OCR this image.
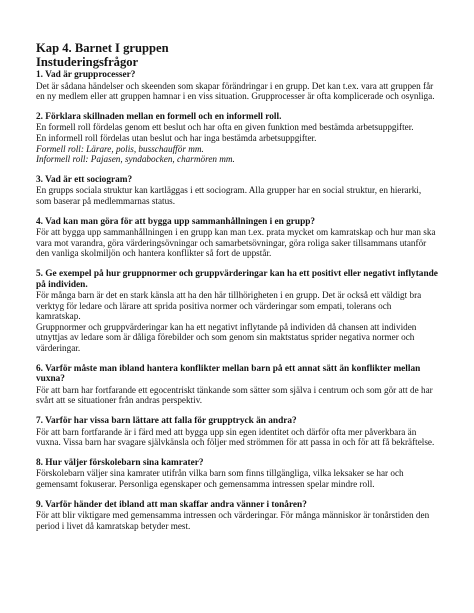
Kap 4. Barnet I gruppen
Instuderingsfrågor

1. Vad är grupprocesser?

Det är sådana händelser och skeenden som skapar förändringar i en grupp. Det kan t.ex. vara att gruppen får en ny medlem eller att gruppen hamnar i en viss situation. Grupprocesser är ofta komplicerade och osynliga.

2. Förklara skillnaden mellan en formell och en informell roll.

En formell roll fördelas genom ett beslut och har ofta en given funktion med bestämda arbetsuppgifter.

En informell roll fördelas utan beslut och har inga bestämda arbetsuppgifter.

Formell roll: Lärare, polis, busschaufför mm.

Informell roll: Pajasen, syndabocken, charmören mm.

3. Vad är ett sociogram?

En grupps sociala struktur kan kartläggas i ett sociogram. Alla grupper har en social struktur, en hierarki, som baserar på medlemmarnas status.

4. Vad kan man göra för att bygga upp sammanhållningen i en grupp?

För att bygga upp sammanhållningen i en grupp kan man t.ex. prata mycket om kamratskap och hur man ska vara mot varandra, göra värderingsövningar och samarbetsövningar, göra roliga saker tillsammans utanför den vanliga skolmiljön och hantera konflikter så fort de uppstår.

5. Ge exempel på hur gruppnormer och gruppvärderingar kan ha ett positivt eller negativt inflytande på individen.

För många barn är det en stark känsla att ha den här tillhörigheten i en grupp. Det är också ett väldigt bra verktyg för ledare och lärare att sprida positiva normer och värderingar som empati, tolerans och kamratskap.

Gruppnormer och gruppvärderingar kan ha ett negativt inflytande på individen då chansen att individen utnyttjas av ledare som är dåliga förebilder och som genom sin maktstatus sprider negativa normer och värderingar.

6. Varför måste man ibland hantera konflikter mellan barn på ett annat sätt än konflikter mellan vuxna?

För att barn har fortfarande ett egocentriskt tänkande som sätter som själva i centrum och som gör att de har svårt att se situationer från andras perspektiv.

7. Varför har vissa barn lättare att falla för grupptryck än andra?

För att barn fortfarande är i färd med att bygga upp sin egen identitet och därför ofta mer påverkbara än vuxna. Vissa barn har svagare självkänsla och följer med strömmen för att passa in och för att få bekräftelse.

8. Hur väljer förskolebarn sina kamrater?

Förskolebarn väljer sina kamrater utifrån vilka barn som finns tillgängliga, vilka leksaker se har och gemensamt fokuserar. Personliga egenskaper och gemensamma intressen spelar mindre roll.

9. Varför händer det ibland att man skaffar andra vänner i tonåren?

För att blir viktigare med gemensamma intressen och värderingar. För många människor är tonårstiden den period i livet då kamratskap betyder mest.
